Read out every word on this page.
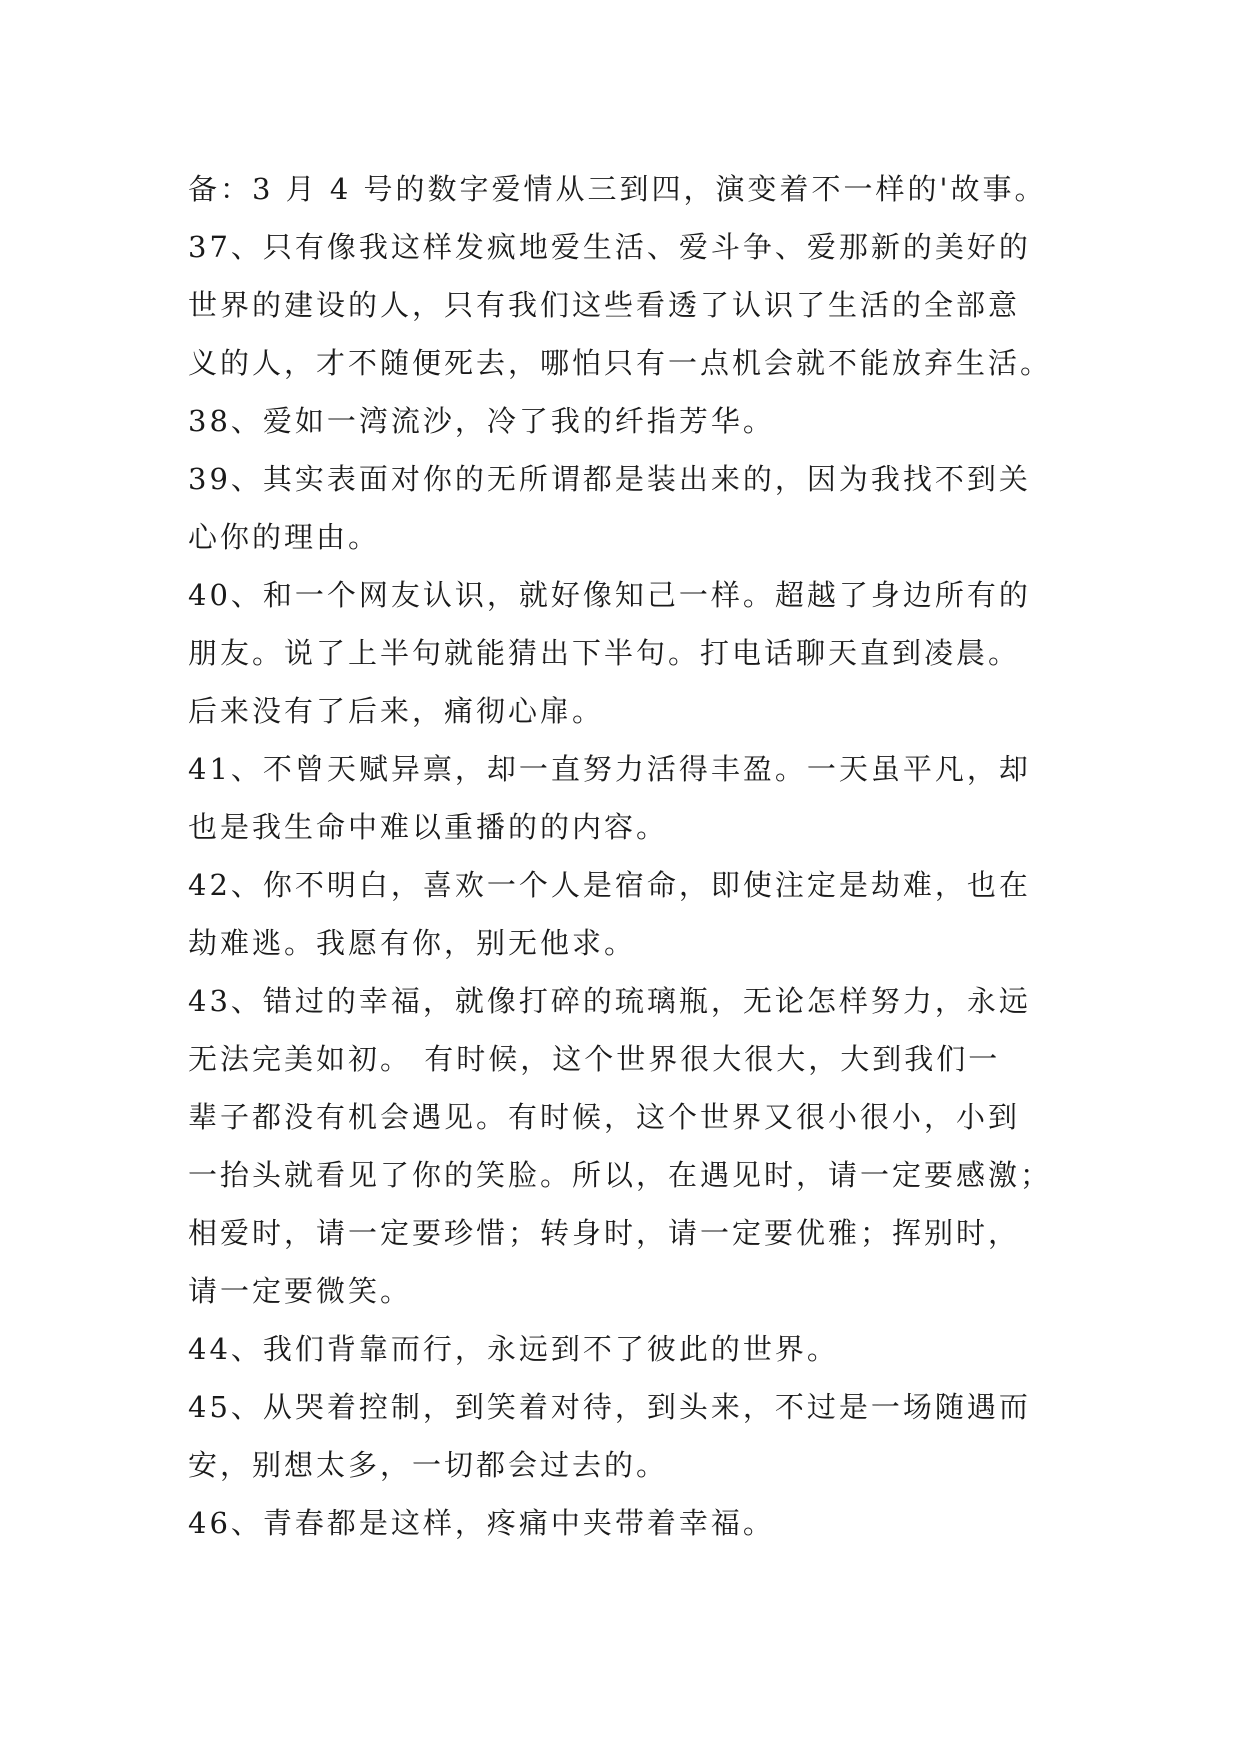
备：3 月 4 号的数字爱情从三到四，演变着不一样的'故事。
37、只有像我这样发疯地爱生活、爱斗争、爱那新的美好的
世界的建设的人，只有我们这些看透了认识了生活的全部意
义的人，才不随便死去，哪怕只有一点机会就不能放弃生活。
38、爱如一湾流沙，冷了我的纤指芳华。
39、其实表面对你的无所谓都是装出来的，因为我找不到关
心你的理由。
40、和一个网友认识，就好像知己一样。超越了身边所有的
朋友。说了上半句就能猜出下半句。打电话聊天直到凌晨。
后来没有了后来，痛彻心扉。
41、不曾天赋异禀，却一直努力活得丰盈。一天虽平凡，却
也是我生命中难以重播的的内容。
42、你不明白，喜欢一个人是宿命，即使注定是劫难，也在
劫难逃。我愿有你，别无他求。
43、错过的幸福，就像打碎的琉璃瓶，无论怎样努力，永远
无法完美如初。 有时候，这个世界很大很大，大到我们一
辈子都没有机会遇见。有时候，这个世界又很小很小，小到
一抬头就看见了你的笑脸。所以，在遇见时，请一定要感激；
相爱时，请一定要珍惜；转身时，请一定要优雅；挥别时，
请一定要微笑。
44、我们背靠而行，永远到不了彼此的世界。
45、从哭着控制，到笑着对待，到头来，不过是一场随遇而
安，别想太多，一切都会过去的。
46、青春都是这样，疼痛中夹带着幸福。
